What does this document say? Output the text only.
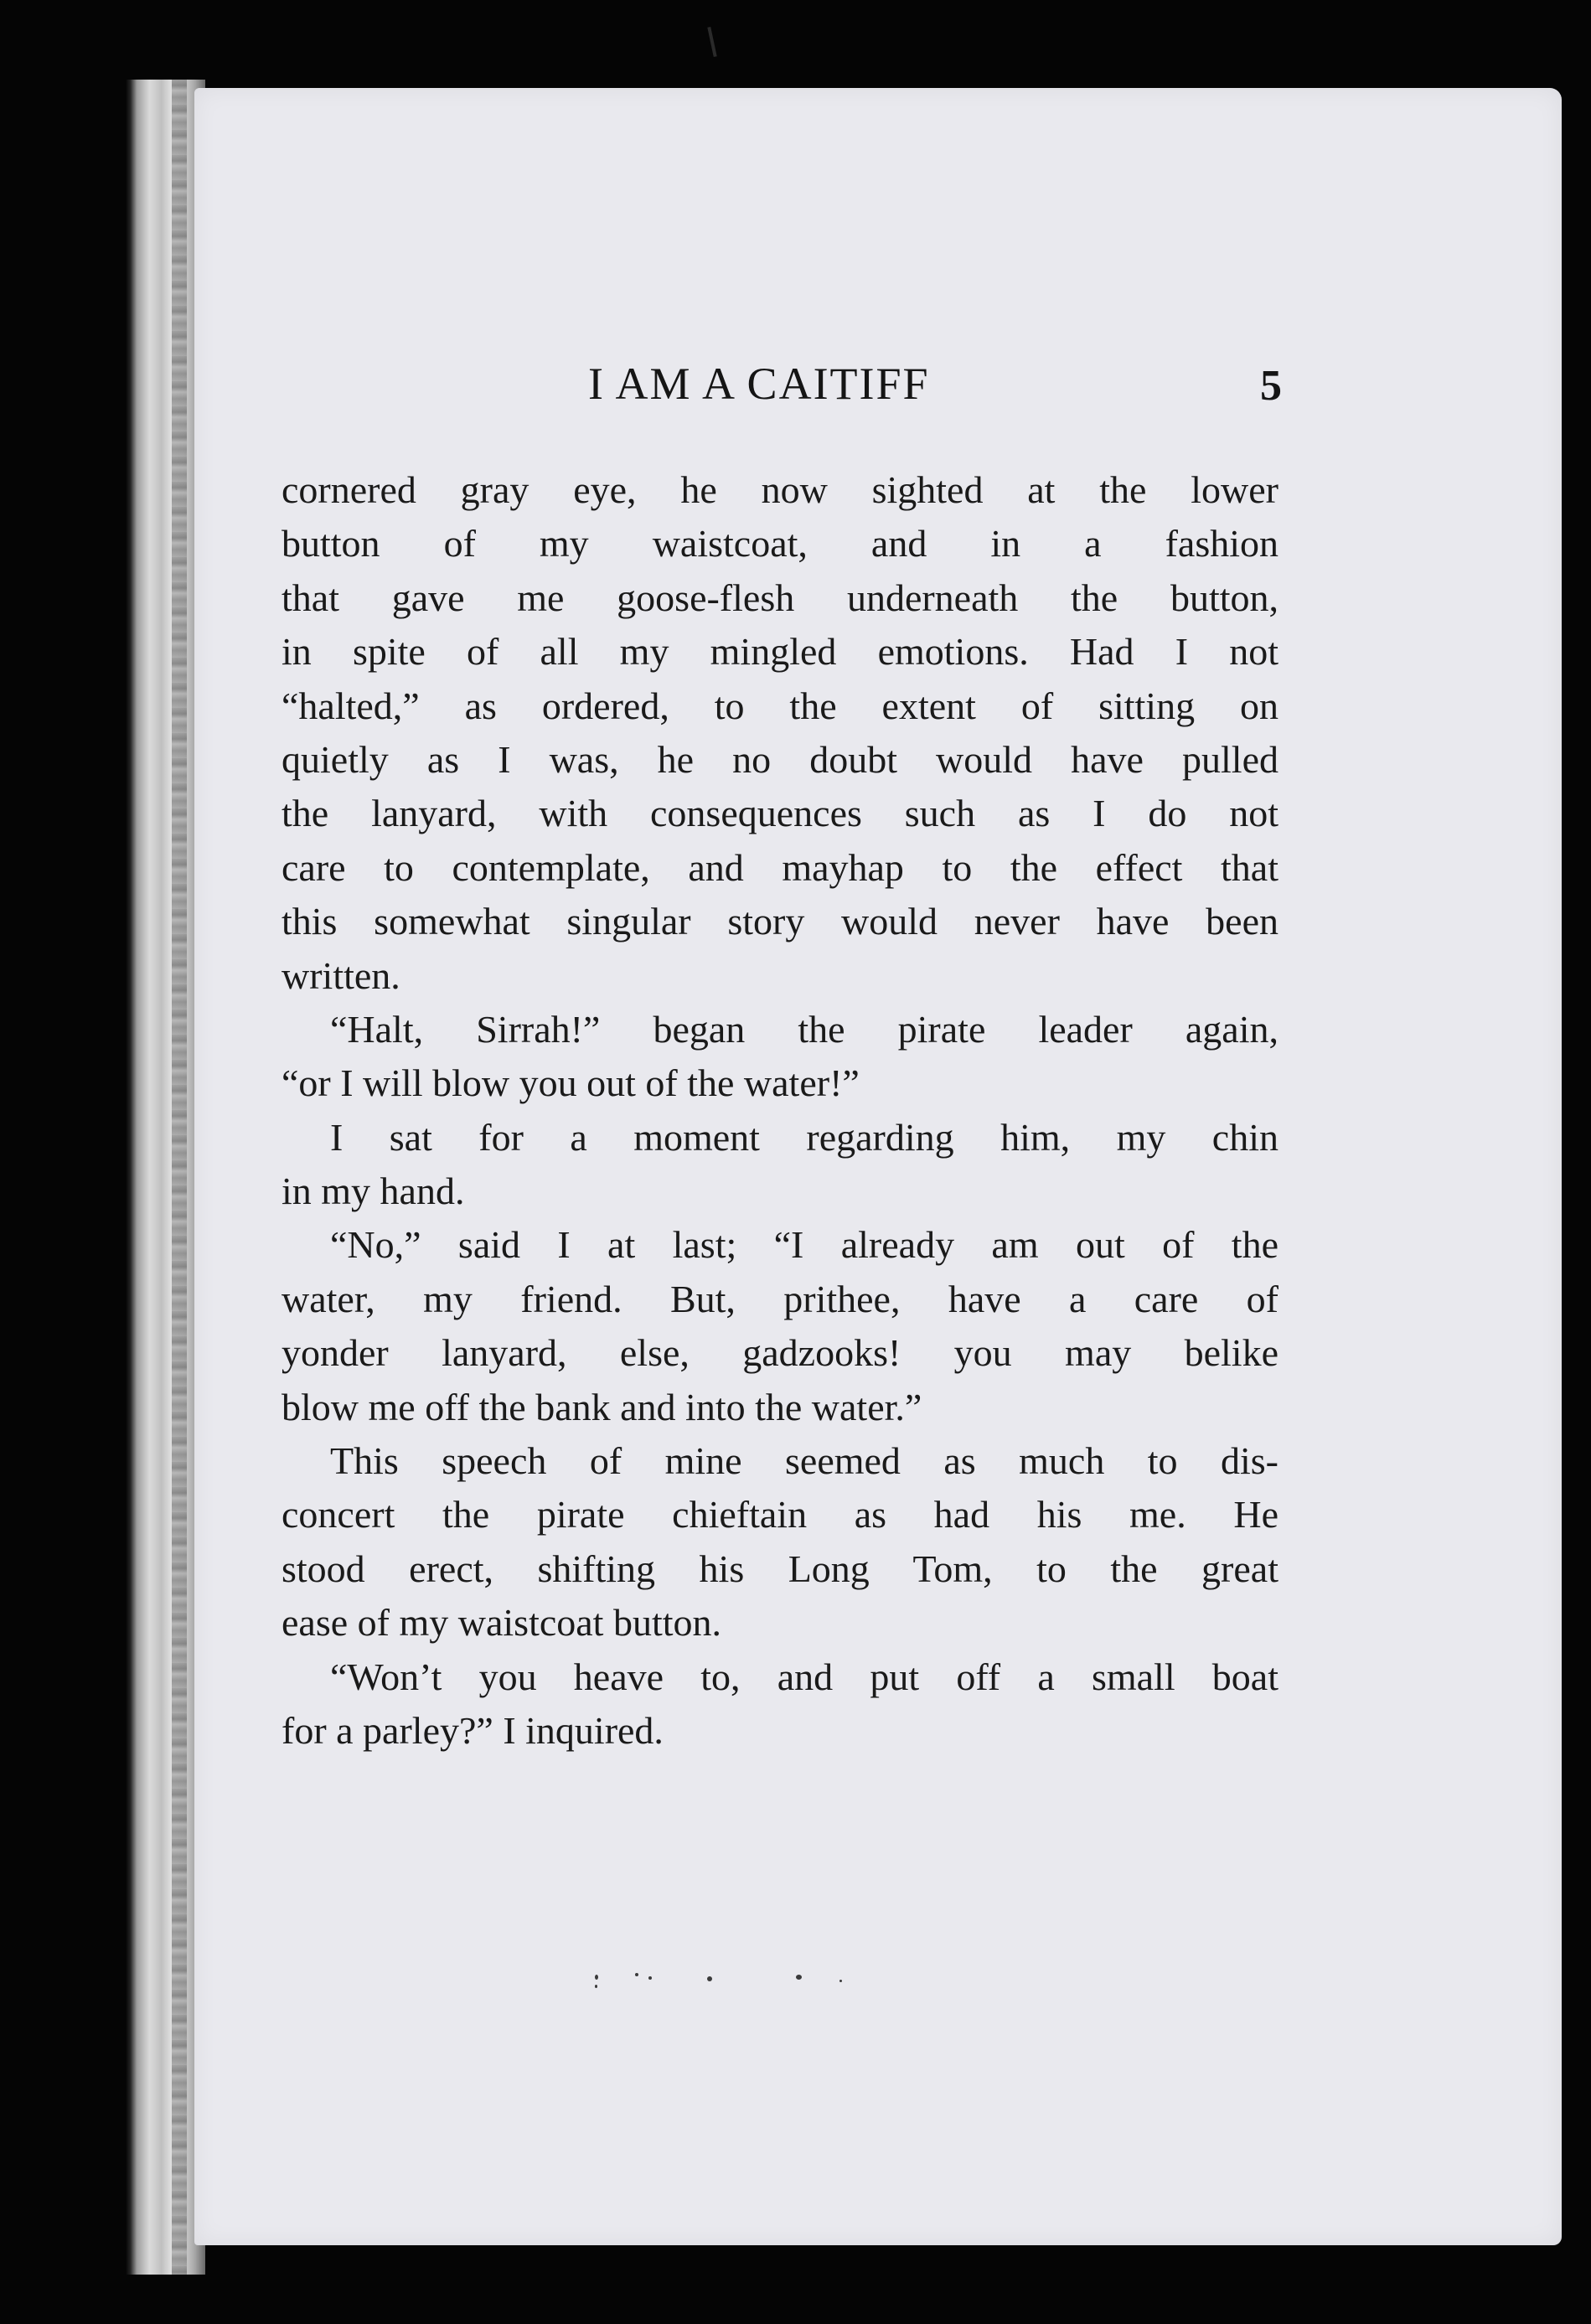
I AM A CAITIFF	5
cornered gray eye, he now sighted at the lower
button of my waistcoat, and in a fashion
that gave me goose-flesh underneath the button,
in spite of all my mingled emotions. Had I not
“halted,” as ordered, to the extent of sitting on
quietly as I was, he no doubt would have pulled
the lanyard, with consequences such as I do not
care to contemplate, and mayhap to the effect that
this somewhat singular story would never have been
written.
“Halt, Sirrah!” began the pirate leader again,
“or I will blow you out of the water!”
I sat for a moment regarding him, my chin
in my hand.
“No,” said I at last; “I already am out of the
water, my friend. But, prithee, have a care of
yonder lanyard, else, gadzooks! you may belike
blow me off the bank and into the water.”
This speech of mine seemed as much to dis-
concert the pirate chieftain as had his me. He
stood erect, shifting his Long Tom, to the great
ease of my waistcoat button.
“Won’t you heave to, and put off a small boat
for a parley?” I inquired.
